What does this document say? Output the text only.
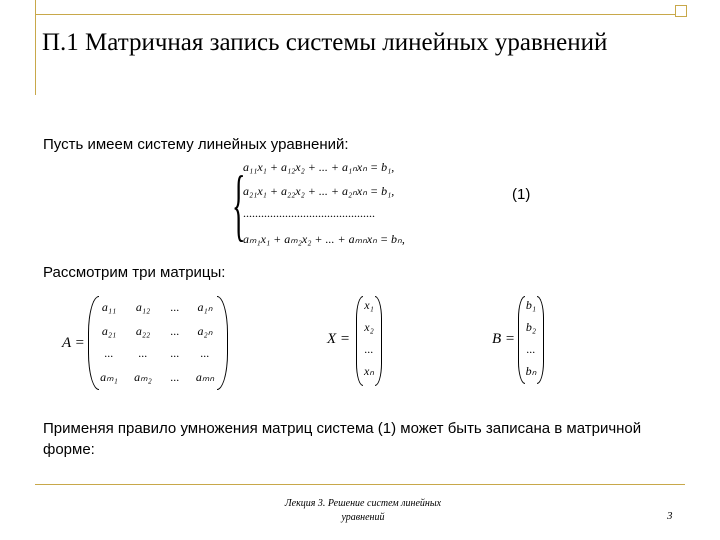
П.1 Матричная запись системы линейных уравнений
Пусть имеем систему линейных уравнений:
{
a₁₁x₁ + a₁₂x₂ + ... + a₁ₙxₙ = b₁,
a₂₁x₁ + a₂₂x₂ + ... + a₂ₙxₙ = b₁,
............................................
aₘ₁x₁ + aₘ₂x₂ + ... + aₘₙxₙ = bₙ,
(1)
Рассмотрим три матрицы:
A =
a₁₁	a₁₂	...	a₁ₙ
a₂₁	a₂₂	...	a₂ₙ
...	...	...	...
aₘ₁	aₘ₂	...	aₘₙ
X =
x₁
x₂
...
xₙ
B =
b₁
b₂
...
bₙ
Применяя правило умножения матриц система (1) может быть записана в матричной форме:
Лекция 3. Решение систем линейных
уравнений	3
